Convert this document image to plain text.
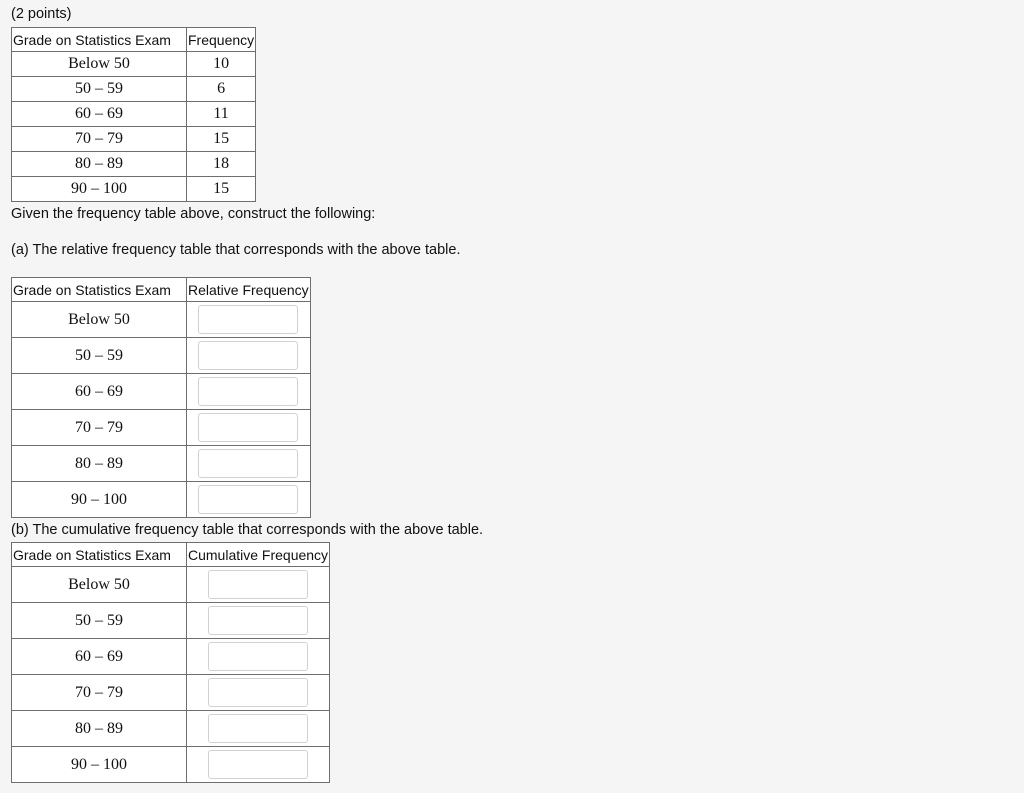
(2 points)
Grade on Statistics Exam	Frequency
Below 50	10
50 – 59	6
60 – 69	11
70 – 79	15
80 – 89	18
90 – 100	15
Given the frequency table above, construct the following:
(a) The relative frequency table that corresponds with the above table.
Grade on Statistics Exam	Relative Frequency
Below 50	

50 – 59	

60 – 69	

70 – 79	

80 – 89	

90 – 100	
(b) The cumulative frequency table that corresponds with the above table.
Grade on Statistics Exam	Cumulative Frequency
Below 50	

50 – 59	

60 – 69	

70 – 79	

80 – 89	

90 – 100	
